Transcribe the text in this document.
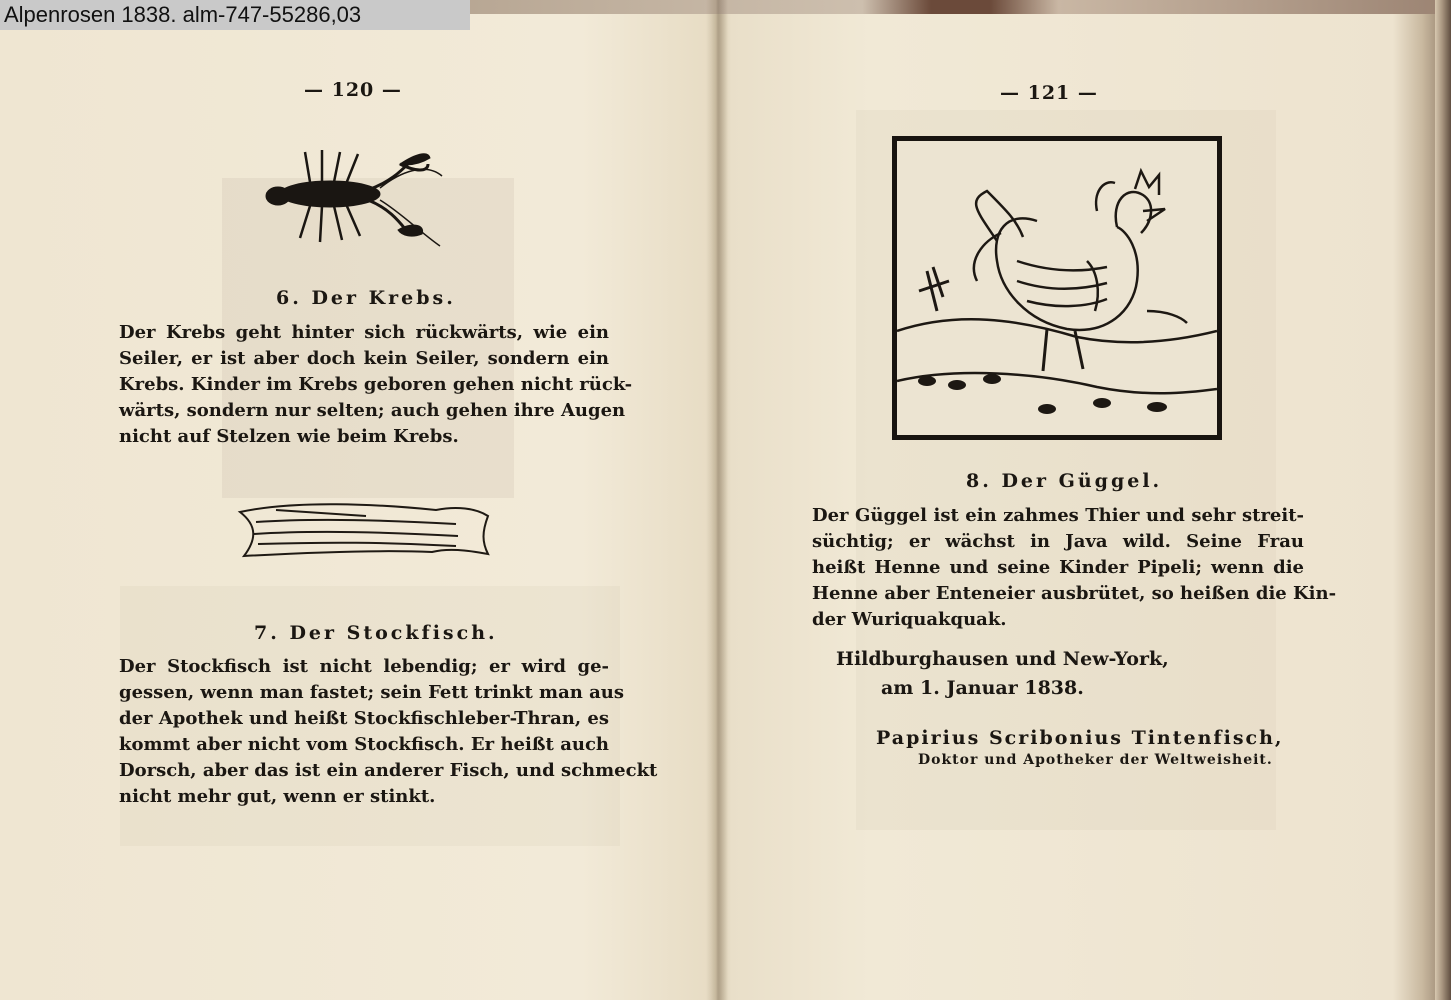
Alpenrosen 1838. alm-747-55286,03
— 120 —
6. Der Krebs.
Der Krebs geht hinter sich rückwärts, wie ein
Seiler, er ist aber doch kein Seiler, sondern ein
Krebs. Kinder im Krebs geboren gehen nicht rück-
wärts, sondern nur selten; auch gehen ihre Augen
nicht auf Stelzen wie beim Krebs.
7. Der Stockfisch.
Der Stockfisch ist nicht lebendig; er wird ge-
gessen, wenn man fastet; sein Fett trinkt man aus
der Apothek und heißt Stockfischleber-Thran, es
kommt aber nicht vom Stockfisch. Er heißt auch
Dorsch, aber das ist ein anderer Fisch, und schmeckt
nicht mehr gut, wenn er stinkt.
— 121 —
8. Der Güggel.
Der Güggel ist ein zahmes Thier und sehr streit-
süchtig; er wächst in Java wild. Seine Frau
heißt Henne und seine Kinder Pipeli; wenn die
Henne aber Enteneier ausbrütet, so heißen die Kin-
der Wuriquakquak.
Hildburghausen und New-York,
am 1. Januar 1838.
Papirius Scribonius Tintenfisch,
Doktor und Apotheker der Weltweisheit.
